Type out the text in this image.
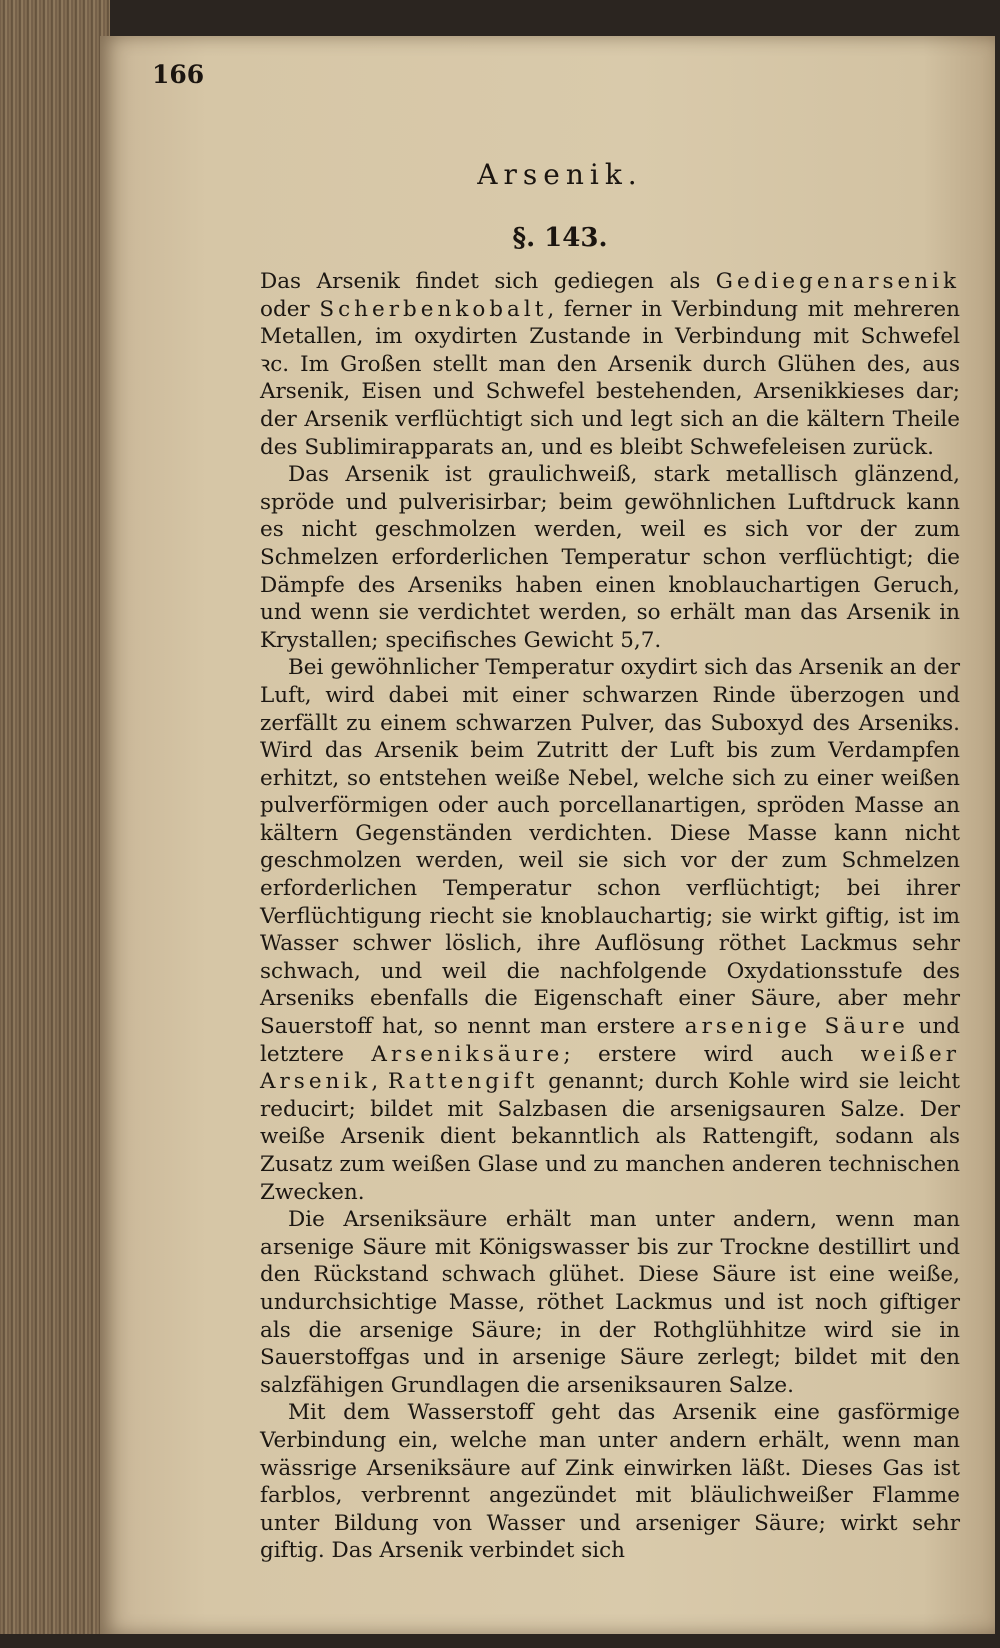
166
Arsenik.
§. 143.

Das Arsenik findet sich gediegen als Gediegenarsenik oder Scherbenkobalt, ferner in Verbindung mit mehreren Metallen, im oxydirten Zustande in Verbindung mit Schwefel ꝛc. Im Großen stellt man den Arsenik durch Glühen des, aus Arsenik, Eisen und Schwefel bestehenden, Arsenikkieses dar; der Arsenik verflüchtigt sich und legt sich an die kältern Theile des Sublimirapparats an, und es bleibt Schwefeleisen zurück.

Das Arsenik ist graulichweiß, stark metallisch glänzend, spröde und pulverisirbar; beim gewöhnlichen Luftdruck kann es nicht geschmolzen werden, weil es sich vor der zum Schmelzen erforderlichen Temperatur schon verflüchtigt; die Dämpfe des Arseniks haben einen knoblauchartigen Geruch, und wenn sie verdichtet werden, so erhält man das Arsenik in Krystallen; specifisches Gewicht 5,7.

Bei gewöhnlicher Temperatur oxydirt sich das Arsenik an der Luft, wird dabei mit einer schwarzen Rinde überzogen und zerfällt zu einem schwarzen Pulver, das Suboxyd des Arseniks. Wird das Arsenik beim Zutritt der Luft bis zum Verdampfen erhitzt, so entstehen weiße Nebel, welche sich zu einer weißen pulverförmigen oder auch porcellanartigen, spröden Masse an kältern Gegenständen verdichten. Diese Masse kann nicht geschmolzen werden, weil sie sich vor der zum Schmelzen erforderlichen Temperatur schon verflüchtigt; bei ihrer Verflüchtigung riecht sie knoblauchartig; sie wirkt giftig, ist im Wasser schwer löslich, ihre Auflösung röthet Lackmus sehr schwach, und weil die nachfolgende Oxydationsstufe des Arseniks ebenfalls die Eigenschaft einer Säure, aber mehr Sauerstoff hat, so nennt man erstere arsenige Säure und letztere Arseniksäure; erstere wird auch weißer Arsenik, Rattengift genannt; durch Kohle wird sie leicht reducirt; bildet mit Salzbasen die arsenigsauren Salze. Der weiße Arsenik dient bekanntlich als Rattengift, sodann als Zusatz zum weißen Glase und zu manchen anderen technischen Zwecken.

Die Arseniksäure erhält man unter andern, wenn man arsenige Säure mit Königswasser bis zur Trockne destillirt und den Rückstand schwach glühet. Diese Säure ist eine weiße, undurchsichtige Masse, röthet Lackmus und ist noch giftiger als die arsenige Säure; in der Rothglühhitze wird sie in Sauerstoffgas und in arsenige Säure zerlegt; bildet mit den salzfähigen Grundlagen die arseniksauren Salze.

Mit dem Wasserstoff geht das Arsenik eine gasförmige Verbindung ein, welche man unter andern erhält, wenn man wässrige Arseniksäure auf Zink einwirken läßt. Dieses Gas ist farblos, verbrennt angezündet mit bläulichweißer Flamme unter Bildung von Wasser und arseniger Säure; wirkt sehr giftig. Das Arsenik verbindet sich
